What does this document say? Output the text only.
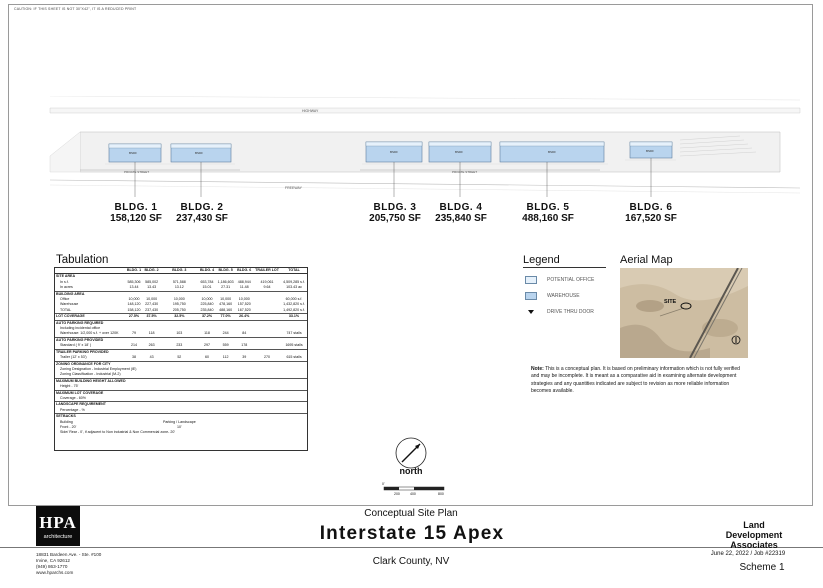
CAUTION: IF THIS SHEET IS NOT 30"X42", IT IS A REDUCED PRINT
HIGHWAY
FREEWAY
PRIVATE STREET	PRIVATE STREET
BSDF	BSDF	BSDF	BSDF	BSDF	BSDF
BLDG. 1
158,120 SF
BLDG. 2
237,430 SF
BLDG. 3
205,750 SF
BLDG. 4
235,840 SF
BLDG. 5
488,160 SF
BLDG. 6
167,520 SF
Tabulation
	BLDG. 1	BLDG. 2	BLDG. 3	BLDG. 4	BLDG. 5	BLDG. 6	TRAILER LOT	TOTAL
SITE AREA								
In s.f.	585,306	585,002	571,588	653,784	1,186,603	488,944	419,061	4,509,285 s.f.
In acres	13.44	13.43	13.12	15.01	27.31	11.48	9.64	103.43 ac
BUILDING AREA								
Office	10,000	10,000	10,000	10,000	10,000	10,000		60,000 s.f.
Warehouse	148,120	227,430	195,750	225,840	478,160	157,520		1,432,820 s.f.
TOTAL	158,120	237,430	205,750	235,840	488,160	167,520		1,492,820 s.f.
LOT COVERAGE	27.5%	37.5%	32.5%	37.2%	77.0%	26.4%		33.1%
AUTO PARKING REQUIRED								
Including incidental office								
Warehouse: 1/2,000 s.f. + over 120K	79	118	103	118	244	84		747 stalls
AUTO PARKING PROVIDED								
Standard ( 9' x 18' )	214	263	233	297	559	178		1695 stalls
TRAILER PARKING PROVIDED								
Trailer (12' x 53')	38	43	52	60	112	39	270	615 stalls
ZONING ORDINANCE FOR CITY								
Zoning Designation - Industrial Employment (IE)								
Zoning Classification - Industrial (M-2)								
MAXIMUM BUILDING HEIGHT ALLOWED								
Height - 75'								
MAXIMUM LOT COVERAGE								
Coverage - 60%								
LANDSCAPE REQUIREMENT								
Percentage - %								
SETBACKS								
Building			Parking / Landscape					
Front - 20'			10'					
Side/ Rear - 0', if adjacent to Non industrial & Non Commercial zone- 20'								
Legend
POTENTIAL OFFICE
WAREHOUSE
DRIVE THRU DOOR
Aerial Map
SITE
Note: This is a conceptual plan. It is based on preliminary information which is not fully verified and may be incomplete. It is meant as a comparative aid in examining alternate development strategies and any quantities indicated are subject to revision as more reliable information becomes available.
north
0'
200	400	800
HPA
architecture
18831 Bardeen Ave. - Ste. #100
Irvine, CA 92612
(949) 863-1770
www.hparchs.com
Conceptual Site Plan
Interstate 15 Apex
Clark County, NV
Land
Development
Associates
June 22, 2022 / Job #22319
Scheme 1
